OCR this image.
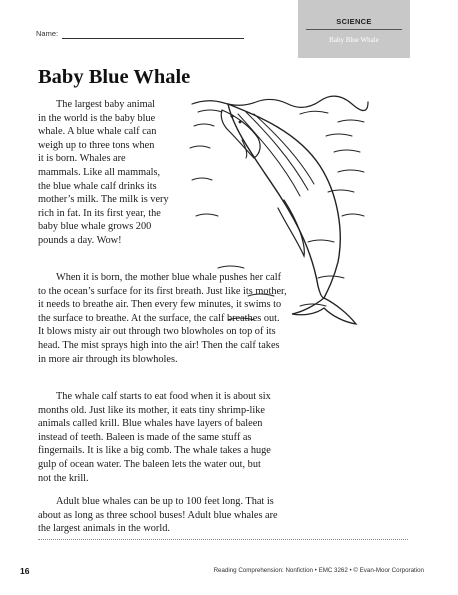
Name:
SCIENCE
Baby Blue Whale
Baby Blue Whale
The largest baby animal
in the world is the baby blue
whale. A blue whale calf can
weigh up to three tons when
it is born. Whales are
mammals. Like all mammals,
the blue whale calf drinks its
mother’s milk. The milk is very
rich in fat. In its first year, the
baby blue whale grows 200
pounds a day. Wow!
When it is born, the mother blue whale pushes her calf
to the ocean’s surface for its first breath. Just like its mother,
it needs to breathe air. Then every few minutes, it swims to
the surface to breathe. At the surface, the calf breathes out.
It blows misty air out through two blowholes on top of its
head. The mist sprays high into the air! Then the calf takes
in more air through its blowholes.
The whale calf starts to eat food when it is about six
months old. Just like its mother, it eats tiny shrimp-like
animals called krill. Blue whales have layers of baleen
instead of teeth. Baleen is made of the same stuff as
fingernails. It is like a big comb. The whale takes a huge
gulp of ocean water. The baleen lets the water out, but
not the krill.
Adult blue whales can be up to 100 feet long. That is
about as long as three school buses! Adult blue whales are
the largest animals in the world.
16	Reading Comprehension: Nonfiction • EMC 3262 • © Evan-Moor Corporation
